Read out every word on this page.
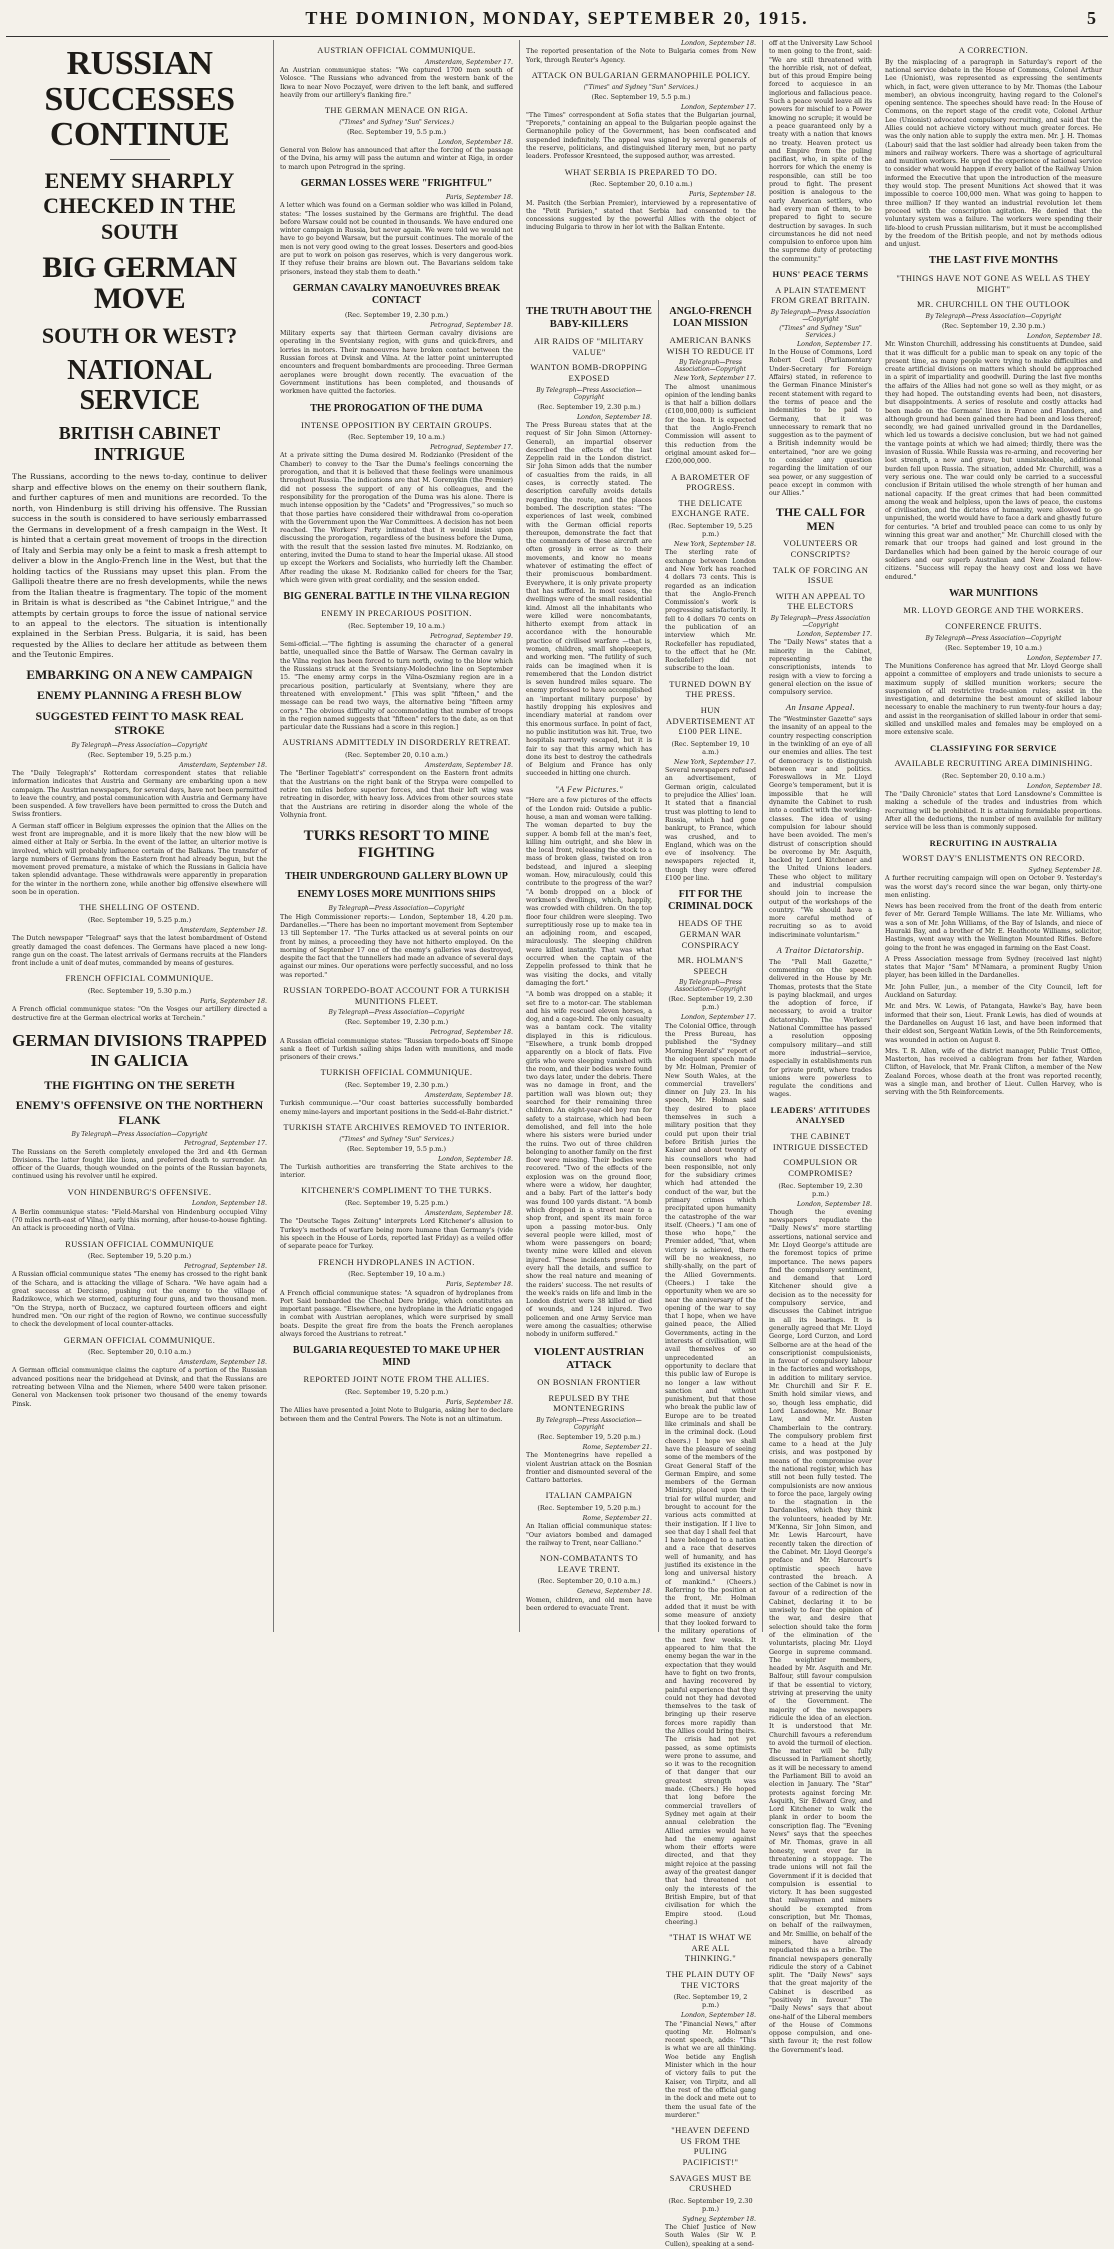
THE DOMINION, MONDAY, SEPTEMBER 20, 1915.	5
RUSSIAN SUCCESSES CONTINUE
ENEMY SHARPLY CHECKED IN THE SOUTH
BIG GERMAN MOVE
SOUTH OR WEST?
NATIONAL SERVICE
BRITISH CABINET INTRIGUE

The Russians, according to the news to-day, continue to deliver sharp and effective blows on the enemy on their southern flank, and further captures of men and munitions are recorded. To the north, von Hindenburg is still driving his offensive. The Russian success in the south is considered to have seriously embarrassed the Germans in development of a fresh campaign in the West. It is hinted that a certain great movement of troops in the direction of Italy and Serbia may only be a feint to mask a fresh attempt to deliver a blow in the Anglo-French line in the West, but that the holding tactics of the Russians may upset this plan. From the Gallipoli theatre there are no fresh developments, while the news from the Italian theatre is fragmentary. The topic of the moment in Britain is what is described as "the Cabinet Intrigue," and the attempts by certain groups to force the issue of national service to an appeal to the electors. The situation is intentionally explained in the Serbian Press. Bulgaria, it is said, has been requested by the Allies to declare her attitude as between them and the Teutonic Empires.

EMBARKING ON A NEW CAMPAIGN
ENEMY PLANNING A FRESH BLOW
SUGGESTED FEINT TO MASK REAL STROKE
By Telegraph—Press Association—Copyright
(Rec. September 19, 5.25 p.m.)

Amsterdam, September 18.

The "Daily Telegraph's" Rotterdam correspondent states that reliable information indicates that Austria and Germany are embarking upon a new campaign. The Austrian newspapers, for several days, have not been permitted to leave the country, and postal communication with Austria and Germany have been suspended. A few travellers have been permitted to cross the Dutch and Swiss frontiers.

A German staff officer in Belgium expresses the opinion that the Allies on the west front are impregnable, and it is more likely that the new blow will be aimed either at Italy or Serbia. In the event of the latter, an ulterior motive is involved, which will probably influence certain of the Balkans. The transfer of large numbers of Germans from the Eastern front had already begun, but the movement proved premature, a mistake of which the Russians in Galicia have taken splendid advantage. These withdrawals were apparently in preparation for the winter in the northern zone, while another big offensive elsewhere will soon be in operation.

THE SHELLING OF OSTEND.
(Rec. September 19, 5.25 p.m.)

Amsterdam, September 18.

The Dutch newspaper "Telegraaf" says that the latest bombardment of Ostend greatly damaged the coast defences. The Germans have placed a new long-range gun on the coast. The latest arrivals of Germans recruits at the Flanders front include a unit of deaf mutes, commanded by means of gestures.

FRENCH OFFICIAL COMMUNIQUE.
(Rec. September 19, 5.30 p.m.)

Paris, September 18.

A French official communique states: "On the Vosges our artillery directed a destructive fire at the German electrical works at Terchein."

GERMAN DIVISIONS TRAPPED IN GALICIA
THE FIGHTING ON THE SERETH
ENEMY'S OFFENSIVE ON THE NORTHERN FLANK
By Telegraph—Press Association—Copyright

Petrograd, September 17.

The Russians on the Sereth completely enveloped the 3rd and 4th German Divisions. The latter fought like lions, and preferred death to surrender. An officer of the Guards, though wounded on the points of the Russian bayonets, continued using his revolver until he expired.

VON HINDENBURG'S OFFENSIVE.

London, September 18.

A Berlin communique states: "Field-Marshal von Hindenburg occupied Vilny (70 miles north-east of Vilna), early this morning, after house-to-house fighting. An attack is proceeding north of Vilna.

RUSSIAN OFFICIAL COMMUNIQUE
(Rec. September 19, 5.20 p.m.)

Petrograd, September 18.

A Russian official communique states "The enemy has crossed to the right bank of the Schara, and is attacking the village of Schara. "We have again had a great success at Dercismo, pushing out the enemy to the village of Radzikowce, which we stormed, capturing four guns, and two thousand men. "On the Strypa, north of Buczacz, we captured fourteen officers and eight hundred men. "On our right of the region of Rowno, we continue successfully to check the development of local counter-attacks.

GERMAN OFFICIAL COMMUNIQUE.
(Rec. September 20, 0.10 a.m.)

Amsterdam, September 18.

A German official communique claims the capture of a portion of the Russian advanced positions near the bridgehead at Dvinsk, and that the Russians are retreating between Vilna and the Niemen, where 5400 were taken prisoner. General von Mackensen took prisoner two thousand of the enemy towards Pinsk.

AUSTRIAN OFFICIAL COMMUNIQUE.

Amsterdam, September 17.

An Austrian communique states: "We captured 1700 men south of Volosce. "The Russians who advanced from the western bank of the Ikwa to near Novo Poczayef, were driven to the left bank, and suffered heavily from our artillery's flanking fire."

THE GERMAN MENACE ON RIGA.
("Times" and Sydney "Sun" Services.)
(Rec. September 19, 5.5 p.m.)

London, September 18.

General von Below has announced that after the forcing of the passage of the Dvina, his army will pass the autumn and winter at Riga, in order to march upon Petrograd in the spring.

GERMAN LOSSES WERE "FRIGHTFUL"

Paris, September 18.

A letter which was found on a German soldier who was killed in Poland, states: "The losses sustained by the Germans are frightful. The dead before Warsaw could not be counted in thousands. We have endured one winter campaign in Russia, but never again. We were told we would not have to go beyond Warsaw, but the pursuit continues. The morale of the men is not very good owing to the great losses. Deserters and good-bies are put to work on poison gas reserves, which is very dangerous work. If they refuse their brains are blown out. The Bavarians seldom take prisoners, instead they stab them to death."

GERMAN CAVALRY MANOEUVRES BREAK CONTACT
(Rec. September 19, 2.30 p.m.)

Petrograd, September 18.

Military experts say that thirteen German cavalry divisions are operating in the Sventsiany region, with guns and quick-firers, and lorries in motors. Their manoeuvres have broken contact between the Russian forces at Dvinsk and Vilna. At the latter point uninterrupted encounters and frequent bombardments are proceeding. Three German aeroplanes were brought down recently. The evacuation of the Government institutions has been completed, and thousands of workmen have quitted the factories.

THE PROROGATION OF THE DUMA
INTENSE OPPOSITION BY CERTAIN GROUPS.
(Rec. September 19, 10 a.m.)

Petrograd, September 17.

At a private sitting the Duma desired M. Rodzianko (President of the Chamber) to convey to the Tsar the Duma's feelings concerning the prorogation, and that it is believed that these feelings were unanimous throughout Russia. The indications are that M. Goremykin (the Premier) did not possess the support of any of his colleagues, and the responsibility for the prorogation of the Duma was his alone. There is much intense opposition by the "Cadets" and "Progressives," so much so that those parties have considered their withdrawal from co-operation with the Government upon the War Committees. A decision has not been reached. The Workers' Party intimated that it would insist upon discussing the prorogation, regardless of the business before the Duma, with the result that the session lasted five minutes. M. Rodzianko, on entering, invited the Duma to stand to hear the Imperial ukase. All stood up except the Workers and Socialists, who hurriedly left the Chamber. After reading the ukase M. Rodzianko called for cheers for the Tsar, which were given with great cordiality, and the session ended.

BIG GENERAL BATTLE IN THE VILNA REGION
ENEMY IN PRECARIOUS POSITION.
(Rec. September 19, 10 a.m.)

Petrograd, September 19.

Semi-official.—"The fighting is assuming the character of a general battle, unequalled since the Battle of Warsaw. The German cavalry in the Vilna region has been forced to turn north, owing to the blow which the Russians struck at the Sventsiany-Molodechno line on September 15. "The enemy army corps in the Vilna-Oszmiany region are in a precarious position, particularly at Sventsiany, where they are threatened with envelopment." [This was split "fifteen," and the message can be read two ways, the alternative being "fifteen army corps." The obvious difficulty of accommodating that number of troops in the region named suggests that "fifteen" refers to the date, as on that particular date the Russians had a score in this region.]

AUSTRIANS ADMITTEDLY IN DISORDERLY RETREAT.
(Rec. September 20, 0.10 a.m.)

Amsterdam, September 18.

The "Berliner Tageblatt's" correspondent on the Eastern front admits that the Austrians on the right bank of the Strypa were compelled to retire ten miles before superior forces, and that their left wing was retreating in disorder, with heavy loss. Advices from other sources state that the Austrians are retiring in disorder along the whole of the Volhynia front.

TURKS RESORT TO MINE FIGHTING
THEIR UNDERGROUND GALLERY BLOWN UP
ENEMY LOSES MORE MUNITIONS SHIPS
By Telegraph—Press Association—Copyright

The High Commissioner reports:— London, September 18, 4.20 p.m. Dardanelles.—"There has been no important movement from September 13 till September 17. "The Turks attacked us at several points on our front by mines, a proceeding they have not hitherto employed. On the morning of September 17 one of the enemy's galleries was destroyed, despite the fact that the tunnellers had made an advance of several days against our mines. Our operations were perfectly successful, and no loss was reported."

RUSSIAN TORPEDO-BOAT ACCOUNT FOR A TURKISH MUNITIONS FLEET.
By Telegraph—Press Association—Copyright
(Rec. September 19, 2.30 p.m.)

Petrograd, September 18.

A Russian official communique states: "Russian torpedo-boats off Sinope sank a fleet of Turkish sailing ships laden with munitions, and made prisoners of their crews."

TURKISH OFFICIAL COMMUNIQUE.
(Rec. September 19, 2.30 p.m.)

Amsterdam, September 18.

Turkish communique.—"Our coast batteries successfully bombarded enemy mine-layers and important positions in the Sedd-el-Bahr district."

TURKISH STATE ARCHIVES REMOVED TO INTERIOR.
("Times" and Sydney "Sun" Services.)
(Rec. September 19, 5.5 p.m.)

London, September 18.

The Turkish authorities are transferring the State archives to the interior.

KITCHENER'S COMPLIMENT TO THE TURKS.
(Rec. September 19, 5.25 p.m.)

Amsterdam, September 18.

The "Deutsche Tages Zeitung" interprets Lord Kitchener's allusion to Turkey's methods of warfare being more humane than Germany's (vide his speech in the House of Lords, reported last Friday) as a veiled offer of separate peace for Turkey.

FRENCH HYDROPLANES IN ACTION.
(Rec. September 19, 10 a.m.)

Paris, September 18.

A French official communique states: "A squadron of hydroplanes from Port Said bombarded the Chechal Dere bridge, which constitutes an important passage. "Elsewhere, one hydroplane in the Adriatic engaged in combat with Austrian aeroplanes, which were surprised by small boats. Despite the great fire from the boats the French aeroplanes always forced the Austrians to retreat."

BULGARIA REQUESTED TO MAKE UP HER MIND
REPORTED JOINT NOTE FROM THE ALLIES.
(Rec. September 19, 5.20 p.m.)

Paris, September 18.

The Allies have presented a Joint Note to Bulgaria, asking her to declare between them and the Central Powers. The Note is not an ultimatum.

London, September 18.

The reported presentation of the Note to Bulgaria comes from New York, through Reuter's Agency.

ATTACK ON BULGARIAN GERMANOPHILE POLICY.
("Times" and Sydney "Sun" Services.)
(Rec. September 19, 5.5 p.m.)

London, September 17.

"The Times" correspondent at Sofia states that the Bulgarian journal, "Preporets," containing an appeal to the Bulgarian people against the Germanophile policy of the Government, has been confiscated and suspended indefinitely. The appeal was signed by several generals of the reserve, politicians, and distinguished literary men, but no party leaders. Professor Kresnteed, the supposed author, was arrested.

WHAT SERBIA IS PREPARED TO DO.
(Rec. September 20, 0.10 a.m.)

Paris, September 18.

M. Pasitch (the Serbian Premier), interviewed by a representative of the "Petit Parisien," stated that Serbia had consented to the concessions suggested by the powerful Allies with the object of inducing Bulgaria to throw in her lot with the Balkan Entente.

THE TRUTH ABOUT THE BABY-KILLERS
AIR RAIDS OF "MILITARY VALUE"
WANTON BOMB-DROPPING EXPOSED
By Telegraph—Press Association—Copyright
(Rec. September 19, 2.30 p.m.)

London, September 18.

The Press Bureau states that at the request of Sir John Simon (Attorney-General), an impartial observer described the effects of the last Zeppelin raid in the London district. Sir John Simon adds that the number of casualties from the raids, in all cases, is correctly stated. The description carefully avoids details regarding the route, and the places bombed. The description states: "The experiences of last week, combined with the German official reports thereupon, demonstrate the fact that the commanders of these aircraft are often grossly in error as to their movements, and know no means whatever of estimating the effect of their promiscuous bombardment. Everywhere, it is only private property that has suffered. In most cases, the dwellings were of the small residential kind. Almost all the inhabitants who were killed were noncombatants, hitherto exempt from attack in accordance with the honourable practice of civilised warfare —that is, women, children, small shopkeepers, and working men. "The futility of such raids can be imagined when it is remembered that the London district is seven hundred miles square. The enemy professed to have accomplished an 'important military purpose' by hastily dropping his explosives and incendiary material at random over this enormous surface. In point of fact, no public institution was hit. True, two hospitals narrowly escaped, but it is fair to say that this army which has done its best to destroy the cathedrals of Belgium and France has only succeeded in hitting one church.

"A Few Pictures."

"Here are a few pictures of the effects of the London raid: Outside a public-house, a man and woman were talking. The woman departed to buy the supper. A bomb fell at the man's feet, killing him outright, and she blew in the local front, releasing the stock to a mass of broken glass, twisted on iron bedstead, and injured a sleeping woman. How, miraculously, could this contribute to the progress of the war? "A bomb dropped on a block of workmen's dwellings, which, happily, was crowded with children. On the top floor four children were sleeping. Two surreptitiously rose up to make tea in an adjoining room, and escaped, miraculously. The sleeping children were killed instantly. That was what occurred when the captain of the Zeppelin professed to think that he was visiting the docks, and vitally damaging the fort."

"A bomb was dropped on a stable; it set fire to a motor-car. The stableman and his wife rescued eleven horses, a dog, and a cage-bird. The only casualty was a bantam cock. The vitality displayed in this is ridiculous. "Elsewhere, a trunk bomb dropped apparently on a block of flats. Five girls who were sleeping vanished with the room, and their bodies were found two days later, under the debris. There was no damage in front, and the partition wall was blown out; they searched for their remaining three children. An eight-year-old boy ran for safety to a staircase, which had been demolished, and fell into the hole where his sisters were buried under the ruins. Two out of three children belonging to another family on the first floor were missing. Their bodies were recovered. "Two of the effects of the explosion was on the ground floor, where were a widow, her daughter, and a baby. Part of the latter's body was found 100 yards distant. "A bomb which dropped in a street near to a shop front, and spent its main force upon a passing motor-bus. Only several people were killed, most of whom were passengers on board; twenty mine were killed and eleven injured. "These incidents present for every hall the details, and suffice to show the real nature and meaning of the raiders' success. The net results of the week's raids on life and limb in the London district were 38 killed or died of wounds, and 124 injured. Two policemen and one Army Service man were among the casualties; otherwise nobody in uniform suffered."

VIOLENT AUSTRIAN ATTACK
ON BOSNIAN FRONTIER
REPULSED BY THE MONTENEGRINS
By Telegraph—Press Association—Copyright
(Rec. September 19, 5.20 p.m.)

Rome, September 21.

The Montenegrins have repelled a violent Austrian attack on the Bosnian frontier and dismounted several of the Cattaro batteries.

ITALIAN CAMPAIGN
(Rec. September 19, 5.20 p.m.)

Rome, September 21.

An Italian official communique states: "Our aviators bombed and damaged the railway to Trent, near Calliano."

NON-COMBATANTS TO LEAVE TRENT.
(Rec. September 20, 0.10 a.m.)

Geneva, September 18.

Women, children, and old men have been ordered to evacuate Trent.

ANGLO-FRENCH LOAN MISSION
AMERICAN BANKS WISH TO REDUCE IT
By Telegraph—Press Association—Copyright

New York, September 17.

The almost unanimous opinion of the lending banks is that half a billion dollars (£100,000,000) is sufficient for the loan. It is expected that the Anglo-French Commission will assent to this reduction from the original amount asked for—£200,000,000.

A BAROMETER OF PROGRESS.
THE DELICATE EXCHANGE RATE.
(Rec. September 19, 5.25 p.m.)

New York, September 18.

The sterling rate of exchange between London and New York has reached 4 dollars 73 cents. This is regarded as an indication that the Anglo-French Commission's work is progressing satisfactorily. It fell to 4 dollars 70 cents on the publication of an interview which Mr. Rockefeller has repudiated, to the effect that he (Mr. Rockefeller) did not subscribe to the loan.

TURNED DOWN BY THE PRESS.
HUN ADVERTISEMENT AT £100 PER LINE.
(Rec. September 19, 10 a.m.)

New York, September 17.

Several newspapers refused an advertisement, of German origin, calculated to prejudice the Allies' loan. It stated that a financial trust was plotting to lend to Russia, which had gone bankrupt, to France, which was crushed, and to England, which was on the eve of insolvency. The newspapers rejected it, though they were offered £100 per line.

FIT FOR THE CRIMINAL DOCK
HEADS OF THE GERMAN WAR CONSPIRACY
MR. HOLMAN'S SPEECH
By Telegraph—Press Association—Copyright
(Rec. September 19, 2.30 p.m.)

London, September 17.

The Colonial Office, through the Press Bureau, has published the "Sydney Morning Herald's" report of the eloquent speech made by Mr. Holman, Premier of New South Wales, at the commercial travellers' dinner on July 23. In his speech, Mr. Holman said they desired to place themselves in such a military position that they could put upon their trial before British juries the Kaiser and about twenty of his counsellors who had been responsible, not only for the subsidiary crimes which had attended the conduct of the war, but the primary crimes which precipitated upon humanity the catastrophe of the war itself. (Cheers.) "I am one of those who hope," the Premier added, "that, when victory is achieved, there will be no weakness, no shilly-shally, on the part of the Allied Governments. (Cheers.) I take the opportunity when we are so near the anniversary of the opening of the war to say that I hope, when we have gained peace, the Allied Governments, acting in the interests of civilisation, will avail themselves of so unprecedented an opportunity to declare that this public law of Europe is no longer a law without sanction and without punishment, but that those who break the public law of Europe are to be treated like criminals and shall be in the criminal dock. (Loud cheers.) I hope we shall have the pleasure of seeing some of the members of the Great General Staff of the German Empire, and some members of the German Ministry, placed upon their trial for wilful murder, and brought to account for the various acts committed at their instigation. If I live to see that day I shall feel that I have belonged to a nation and a race that deserves well of humanity, and has justified its existence in the long and universal history of mankind." (Cheers.) Referring to the position at the front, Mr. Holman added that it must be with some measure of anxiety that they looked forward to the military operations of the next few weeks. It appeared to him that the enemy began the war in the expectation that they would have to fight on two fronts, and having recovered by painful experience that they could not they had devoted themselves to the task of bringing up their reserve forces more rapidly than the Allies could bring theirs. The crisis had not yet passed, as some optimists were prone to assume, and so it was to the recognition of that danger that our greatest strength was made. (Cheers.) He hoped that long before the commercial travellers of Sydney met again at their annual celebration the Allied armies would have had the enemy against whom their efforts were directed, and that they might rejoice at the passing away of the greatest danger that had threatened not only the interests of the British Empire, but of that civilisation for which the Empire stood. (Loud cheering.)

"THAT IS WHAT WE ARE ALL THINKING."
THE PLAIN DUTY OF THE VICTORS
(Rec. September 19, 2 p.m.)

London, September 18.

The "Financial News," after quoting Mr. Holman's recent speech, adds: "This is what we are all thinking. Woe betide any English Minister which in the hour of victory fails to put the Kaiser, von Tirpitz, and all the rest of the official gang in the dock and mete out to them the usual fate of the murderer."

"HEAVEN DEFEND US FROM THE PULING PACIFICIST!"
SAVAGES MUST BE CRUSHED
(Rec. September 19, 2.30 p.m.)

Sydney, September 18.

The Chief Justice of New South Wales (Sir W. P. Cullen), speaking at a send-

off at the University Law School to men going to the front, said: "We are still threatened with the horrible risk, not of defeat, but of this proud Empire being forced to acquiesce in an inglorious and fallacious peace. Such a peace would leave all its powers for mischief to a Power knowing no scruple; it would be a peace guaranteed only by a treaty with a nation that knows no treaty. Heaven protect us and Empire from the puling pacifiast, who, in spite of the horrors for which the enemy is responsible, can still be too proud to fight. The present position is analogous to the early American settlers, who had every man of them, to be prepared to fight to secure destruction by savages. In such circumstances he did not need compulsion to enforce upon him the supreme duty of protecting the community."

HUNS' PEACE TERMS
A PLAIN STATEMENT FROM GREAT BRITAIN.
By Telegraph—Press Association—Copyright
("Times" and Sydney "Sun" Services.)

London, September 17.

In the House of Commons, Lord Robert Cecil (Parliamentary Under-Secretary for Foreign Affairs) stated, in reference to the German Finance Minister's recent statement with regard to the terms of peace and the indemnities to be paid to Germany, that it was unnecessary to remark that no suggestion as to the payment of a British indemnity would be entertained, "nor are we going to consider any question regarding the limitation of our sea power, or any suggestion of peace except in common with our Allies."

THE CALL FOR MEN
VOLUNTEERS OR CONSCRIPTS?
TALK OF FORCING AN ISSUE
WITH AN APPEAL TO THE ELECTORS
By Telegraph—Press Association—Copyright

London, September 17.

The "Daily News" states that a minority in the Cabinet, representing the conscriptionists, intends to resign with a view to forcing a general election on the issue of compulsory service.

An Insane Appeal.

The "Westminster Gazette" says the insanity of an appeal to the country respecting conscription in the twinkling of an eye of all our enemies and allies. The test of democracy is to distinguish between war and politics. Foreswallows in Mr. Lloyd George's temperament, but it is impossible that he will dynamite the Cabinet to rush into a conflict with the working-classes. The idea of using compulsion for labour should have been avoided. The men's distrust of conscription should be overcome by Mr. Asquith, backed by Lord Kitchener and the United Unions leaders. These who object to military and industrial compulsion should join to increase the output of the workshops of the country. "We should have a more careful method of recruiting so as to avoid indiscriminate voluntarism."

A Traitor Dictatorship.

The "Pall Mall Gazette," commenting on the speech delivered in the House by Mr. Thomas, protests that the State is paying blackmail, and urges the adoption of force, if necessary, to avoid a traitor dictatorship. The Workers' National Committee has passed a resolution opposing compulsory military—and still more industrial—service, especially in establishments run for private profit, where trades unions were powerless to regulate the conditions and wages.

LEADERS' ATTITUDES ANALYSED
THE CABINET INTRIGUE DISSECTED
COMPULSION OR COMPROMISE?
(Rec. September 19, 2.30 p.m.)

London, September 18.

Though the evening newspapers repudiate the "Daily News's" more startling assertions, national service and Mr. Lloyd George's attitude are the foremost topics of prime importance. The news papers find the compulsory sentiment, and demand that Lord Kitchener should give a decision as to the necessity for compulsory service, and discusses the Cabinet intrigue in all its bearings. It is generally agreed that Mr. Lloyd George, Lord Curzon, and Lord Selborne are at the head of the conscriptionist compulsionists, in favour of compulsory labour in the factories and workshops, in addition to military service. Mr. Churchill and Sir F. E. Smith hold similar views, and so, though less emphatic, did Lord Lansdowne, Mr. Bonar Law, and Mr. Austen Chamberlain to the contrary. The compulsory problem first came to a head at the July crisis, and was postponed by means of the compromise over the national register, which has still not been fully tested. The compulsionists are now anxious to force the pace, largely owing to the stagnation in the Dardanelles, which they think the volunteers, headed by Mr. M'Kenna, Sir John Simon, and Mr. Lewis Harcourt, have recently taken the direction of the Cabinet. Mr. Lloyd George's preface and Mr. Harcourt's optimistic speech have contrasted the breach. A section of the Cabinet is now in favour of a redirection of the Cabinet, declaring it to be unwisely to fear the opinion of the war, and desire that selection should take the form of the elimination of the voluntarists, placing Mr. Lloyd George in supreme command. The weightier members, headed by Mr. Asquith and Mr. Balfour, still favour compulsion if that be essential to victory, striving at preserving the unity of the Government. The majority of the newspapers ridicule the idea of an election. It is understood that Mr. Churchill favours a referendum to avoid the turmoil of election. The matter will be fully discussed in Parliament shortly, as it will be necessary to amend the Parliament Bill to avoid an election in January. The "Star" protests against forcing Mr. Asquith, Sir Edward Grey, and Lord Kitchener to walk the plank in order to boom the conscription flag. The "Evening News" says that the speeches of Mr. Thomas, grave in all honesty, went ever far in threatening a stoppage. The trade unions will not fail the Government if it is decided that compulsion is essential to victory. It has been suggested that railwaymen and miners should be exempted from conscription, but Mr. Thomas, on behalf of the railwaymen, and Mr. Smillie, on behalf of the miners, have already repudiated this as a bribe. The financial newspapers generally ridicule the story of a Cabinet split. The "Daily News" says that the great majority of the Cabinet is described as "positively in favour." The "Daily News" says that about one-half of the Liberal members of the House of Commons oppose compulsion, and one-sixth favour it; the rest follow the Government's lead.

A CORRECTION.

By the misplacing of a paragraph in Saturday's report of the national service debate in the House of Commons, Colonel Arthur Lee (Unionist), was represented as expressing the sentiments which, in fact, were given utterance to by Mr. Thomas (the Labour member), an obvious incongruity, having regard to the Colonel's opening sentence. The speeches should have read: In the House of Commons, on the report stage of the credit vote, Colonel Arthur Lee (Unionist) advocated compulsory recruiting, and said that the Allies could not achieve victory without much greater forces. He was the only nation able to supply the extra men. Mr. J. H. Thomas (Labour) said that the last soldier had already been taken from the miners and railway workers. There was a shortage of agricultural and munition workers. He urged the experience of national service to consider what would happen if every ballot of the Railway Union informed the Executive that upon the introduction of the measure they would stop. The present Munitions Act showed that it was impossible to coerce 100,000 men. What was going to happen to three million? If they wanted an industrial revolution let them proceed with the conscription agitation. He denied that the voluntary system was a failure. The workers were spending their life-blood to crush Prussian militarism, but it must be accomplished by the freedom of the British people, and not by methods odious and unjust.

THE LAST FIVE MONTHS
"THINGS HAVE NOT GONE AS WELL AS THEY MIGHT"
MR. CHURCHILL ON THE OUTLOOK
By Telegraph—Press Association—Copyright
(Rec. September 19, 2.30 p.m.)

London, September 18.

Mr. Winston Churchill, addressing his constituents at Dundee, said that it was difficult for a public man to speak on any topic of the present time, as many people were trying to make difficulties and create artificial divisions on matters which should be approached in a spirit of impartiality and goodwill. During the last five months the affairs of the Allies had not gone so well as they might, or as they had hoped. The outstanding events had been, not disasters, but disappointments. A series of resolute and costly attacks had been made on the Germans' lines in France and Flanders, and although ground had been gained there had been and loss thereof; secondly, we had gained unrivalled ground in the Dardanelles, which led us towards a decisive conclusion, but we had not gained the vantage points at which we had aimed; thirdly, there was the invasion of Russia. While Russia was re-arming, and recovering her lost strength, a new and grave, but unmistakeable, additional burden fell upon Russia. The situation, added Mr. Churchill, was a very serious one. The war could only be carried to a successful conclusion if Britain utilised the whole strength of her human and national capacity. If the great crimes that had been committed among the weak and helpless, upon the laws of peace, the customs of civilisation, and the dictates of humanity, were allowed to go unpunished, the world would have to face a dark and ghastly future for centuries. "A brief and troubled peace can come to us only by winning this great war and another," Mr. Churchill closed with the remark that our troops had gained and lost ground in the Dardanelles which had been gained by the heroic courage of our soldiers and our superb Australian and New Zealand fellow-citizens. "Success will repay the heavy cost and loss we have endured."

WAR MUNITIONS
MR. LLOYD GEORGE AND THE WORKERS.
CONFERENCE FRUITS.
By Telegraph—Press Association—Copyright
(Rec. September 19, 10 a.m.)

London, September 17.

The Munitions Conference has agreed that Mr. Lloyd George shall appoint a committee of employers and trade unionists to secure a maximum supply of skilled munition workers; secure the suspension of all restrictive trade-union rules; assist in the investigation, and determine the best amount of skilled labour necessary to enable the machinery to run twenty-four hours a day; and assist in the reorganisation of skilled labour in order that semi-skilled and unskilled males and females may be employed on a more extensive scale.

CLASSIFYING FOR SERVICE
AVAILABLE RECRUITING AREA DIMINISHING.
(Rec. September 20, 0.10 a.m.)

London, September 18.

The "Daily Chronicle" states that Lord Lansdowne's Committee is making a schedule of the trades and industries from which recruiting will be prohibited. It is attaining formidable proportions. After all the deductions, the number of men available for military service will be less than is commonly supposed.

RECRUITING IN AUSTRALIA
WORST DAY'S ENLISTMENTS ON RECORD.

Sydney, September 18.

A further recruiting campaign will open on October 9. Yesterday's was the worst day's record since the war began, only thirty-one men enlisting.

News has been received from the front of the death from enteric fever of Mr. Gerard Temple Williams. The late Mr. Williams, who was a son of Mr. John Williams, of the Bay of Islands, and niece of Hauraki Bay, and a brother of Mr. E. Heathcote Williams, solicitor, Hastings, went away with the Wellington Mounted Rifles. Before going to the front he was engaged in farming on the East Coast.

A Press Association message from Sydney (received last night) states that Major "Sam" M'Namara, a prominent Rugby Union player, has been killed in the Dardanelles.

Mr. John Fuller, jun., a member of the City Council, left for Auckland on Saturday.

Mr. and Mrs. W. Lewis, of Patangata, Hawke's Bay, have been informed that their son, Lieut. Frank Lewis, has died of wounds at the Dardanelles on August 16 last, and have been informed that their eldest son, Sergeant Watkin Lewis, of the 5th Reinforcements, was wounded in action on August 8.

Mrs. T. R. Allen, wife of the district manager, Public Trust Office, Masterton, has received a cablegram from her father, Warden Clifton, of Havelock, that Mr. Frank Clifton, a member of the New Zealand Forces, whose death at the front was reported recently, was a single man, and brother of Lieut. Cullen Harvey, who is serving with the 5th Reinforcements.
